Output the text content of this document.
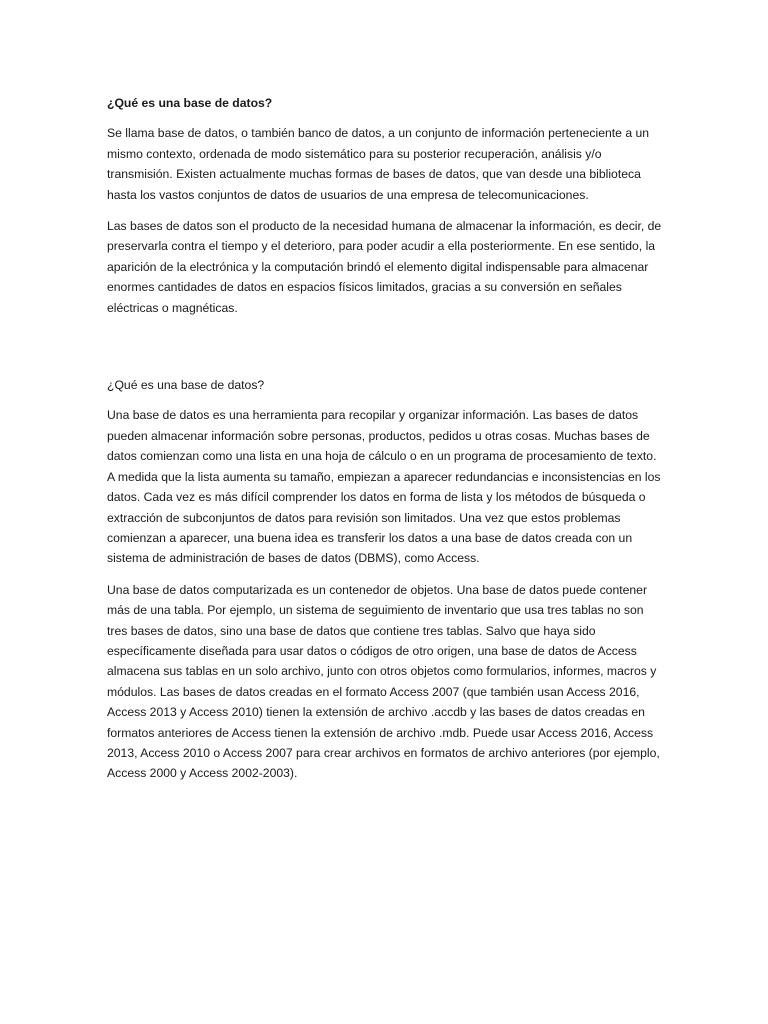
¿Qué es una base de datos?

Se llama base de datos, o también banco de datos, a un conjunto de información perteneciente a un mismo contexto, ordenada de modo sistemático para su posterior recuperación, análisis y/o transmisión. Existen actualmente muchas formas de bases de datos, que van desde una biblioteca hasta los vastos conjuntos de datos de usuarios de una empresa de telecomunicaciones.

Las bases de datos son el producto de la necesidad humana de almacenar la información, es decir, de preservarla contra el tiempo y el deterioro, para poder acudir a ella posteriormente. En ese sentido, la aparición de la electrónica y la computación brindó el elemento digital indispensable para almacenar enormes cantidades de datos en espacios físicos limitados, gracias a su conversión en señales eléctricas o magnéticas.

¿Qué es una base de datos?

Una base de datos es una herramienta para recopilar y organizar información. Las bases de datos pueden almacenar información sobre personas, productos, pedidos u otras cosas. Muchas bases de datos comienzan como una lista en una hoja de cálculo o en un programa de procesamiento de texto. A medida que la lista aumenta su tamaño, empiezan a aparecer redundancias e inconsistencias en los datos. Cada vez es más difícil comprender los datos en forma de lista y los métodos de búsqueda o extracción de subconjuntos de datos para revisión son limitados. Una vez que estos problemas comienzan a aparecer, una buena idea es transferir los datos a una base de datos creada con un sistema de administración de bases de datos (DBMS), como Access.

Una base de datos computarizada es un contenedor de objetos. Una base de datos puede contener más de una tabla. Por ejemplo, un sistema de seguimiento de inventario que usa tres tablas no son tres bases de datos, sino una base de datos que contiene tres tablas. Salvo que haya sido específicamente diseñada para usar datos o códigos de otro origen, una base de datos de Access almacena sus tablas en un solo archivo, junto con otros objetos como formularios, informes, macros y módulos. Las bases de datos creadas en el formato Access 2007 (que también usan Access 2016, Access 2013 y Access 2010) tienen la extensión de archivo .accdb y las bases de datos creadas en formatos anteriores de Access tienen la extensión de archivo .mdb. Puede usar Access 2016, Access 2013, Access 2010 o Access 2007 para crear archivos en formatos de archivo anteriores (por ejemplo, Access 2000 y Access 2002-2003).
